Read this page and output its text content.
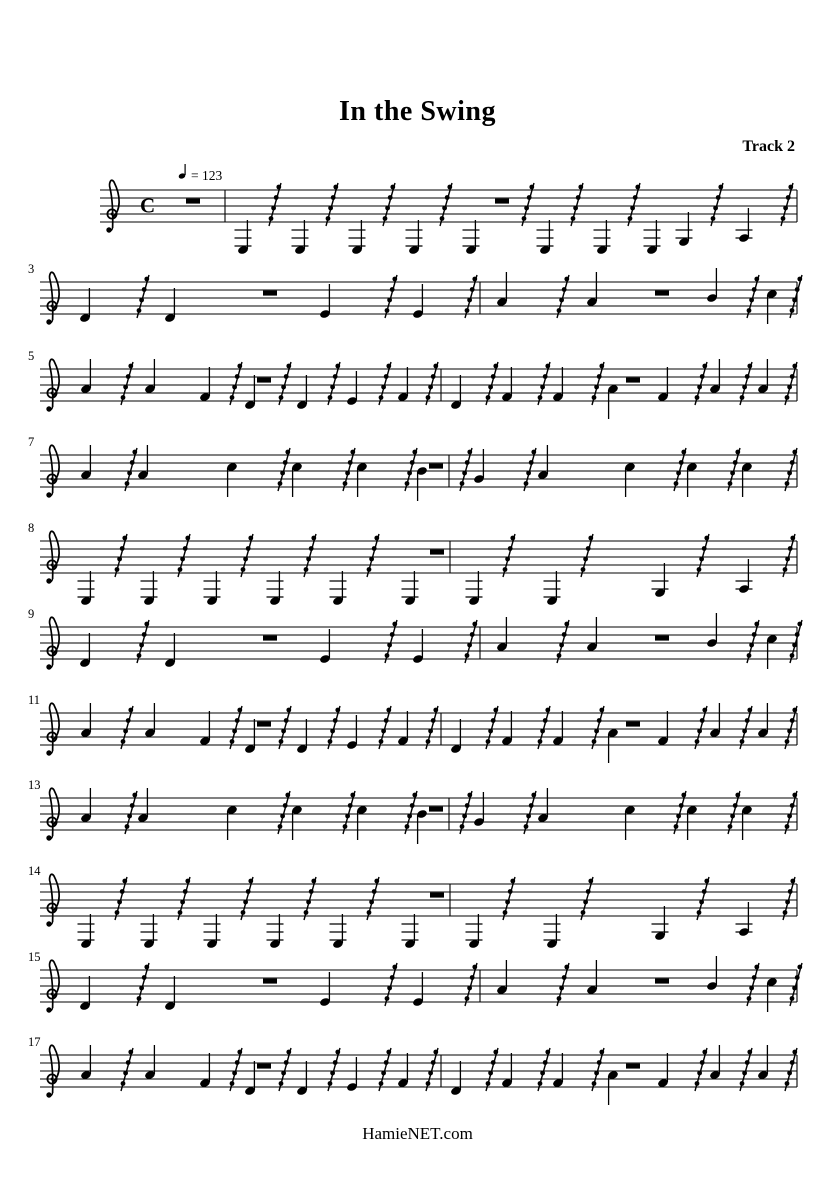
In the Swing
Track 2
C
= 123
3
5
7
8
9
11
13
14
15
17
HamieNET.com
